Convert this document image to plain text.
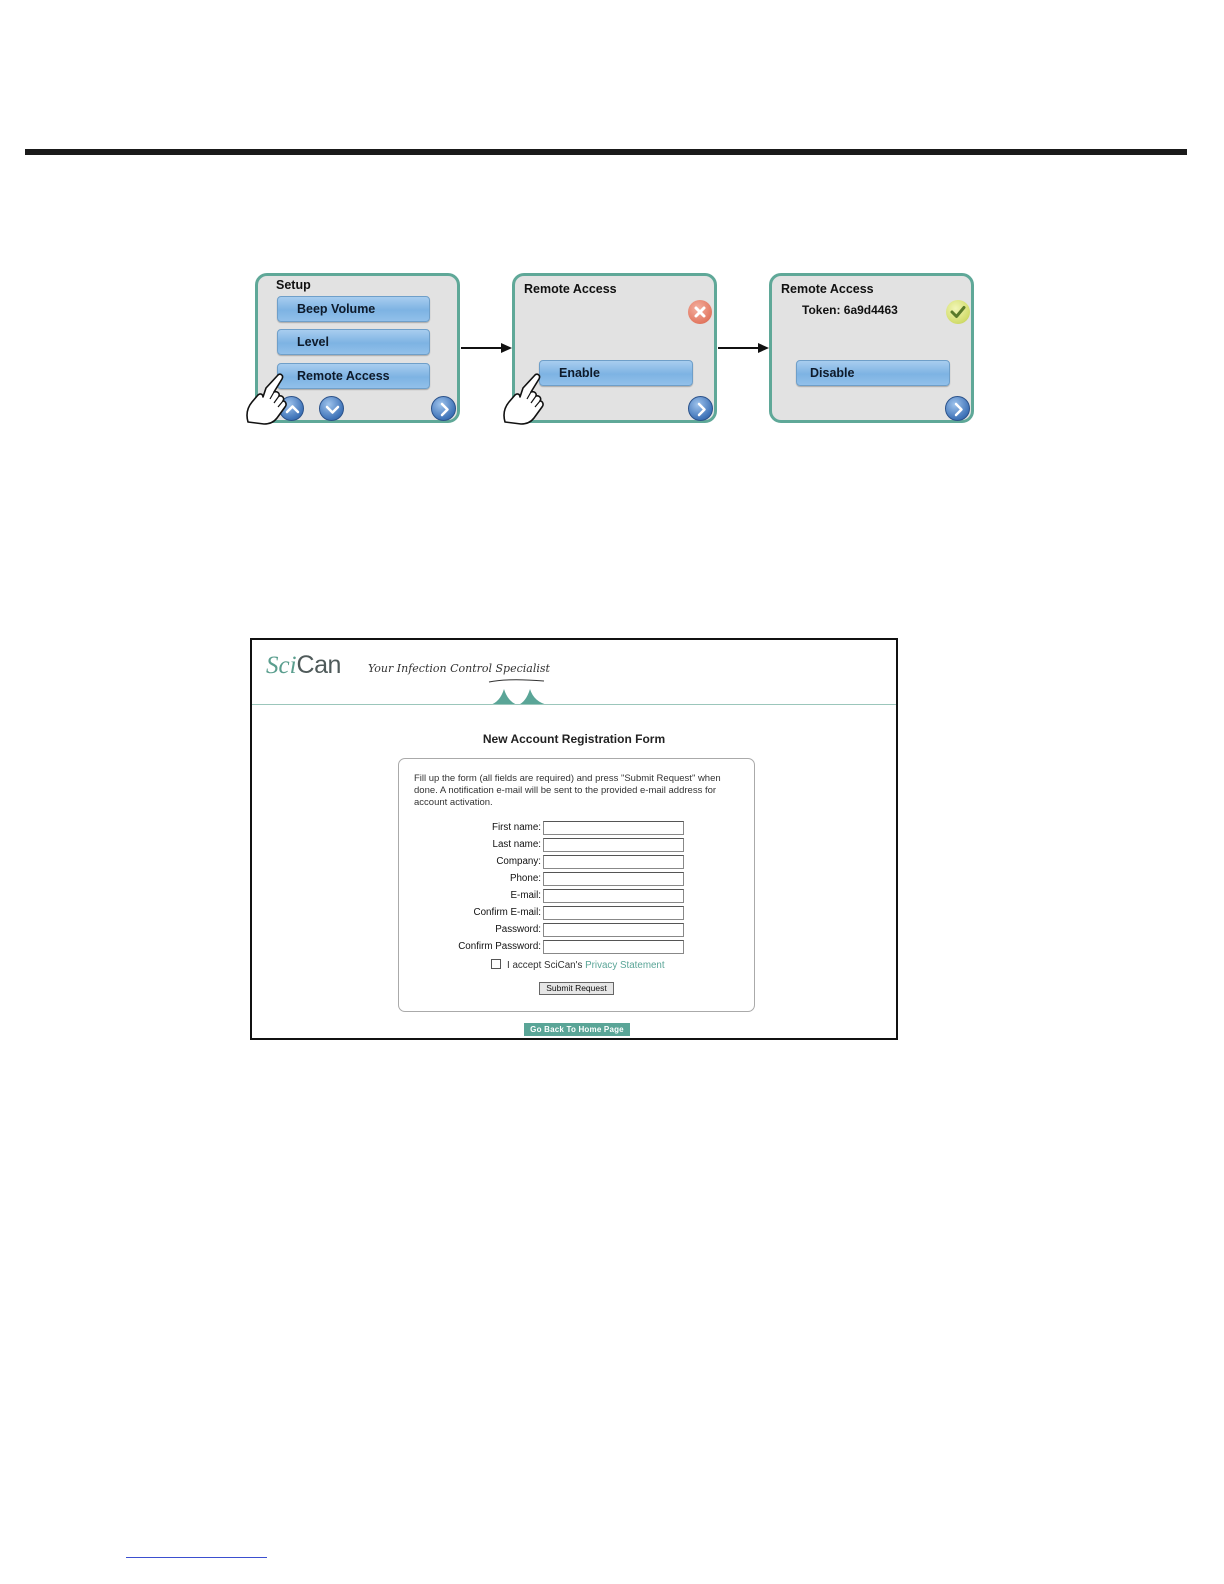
Setup
Beep Volume
Level
Remote Access
Remote Access
Enable
Remote Access
Token: 6a9d4463
Disable
SciCan Your Infection Control Specialist
New Account Registration Form
Fill up the form (all fields are required) and press "Submit Request" when done. A notification e-mail will be sent to the provided e-mail address for account activation.
First name:
Last name:
Company:
Phone:
E-mail:
Confirm E-mail:
Password:
Confirm Password:
I accept SciCan's Privacy Statement
Submit Request
Go Back To Home Page
